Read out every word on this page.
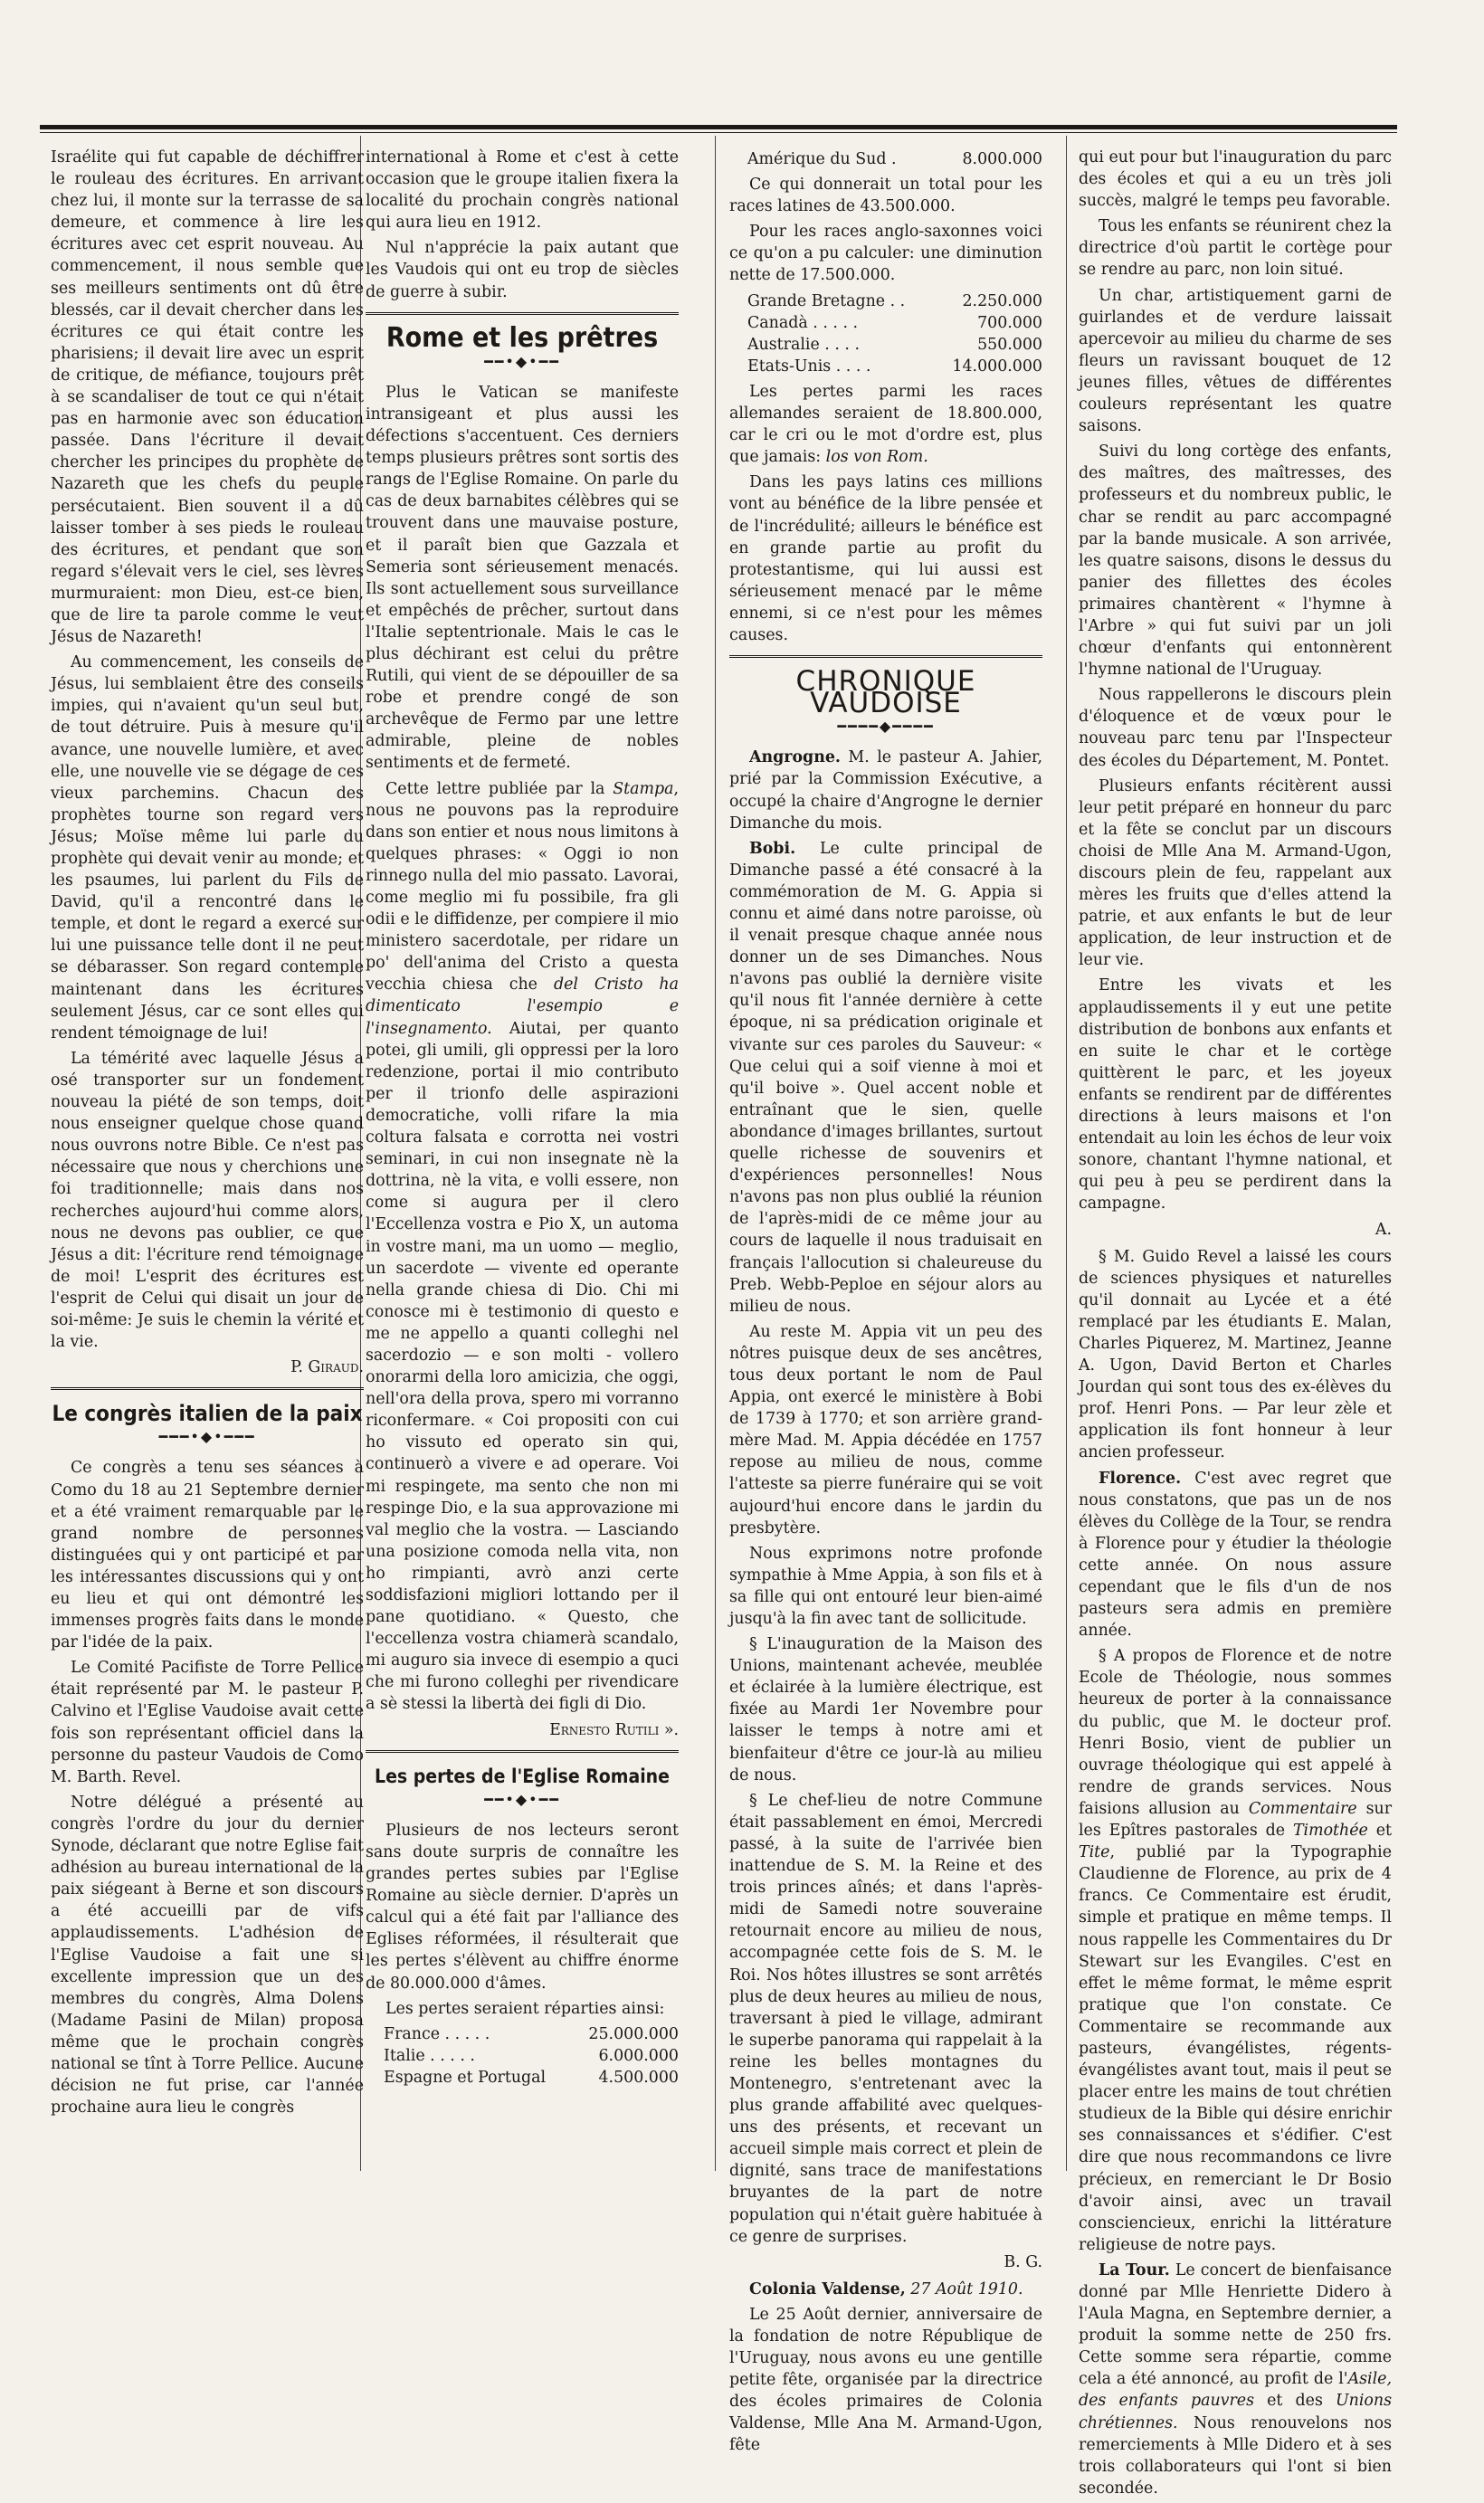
Israélite qui fut capable de déchiffrer le rouleau des écritures. En arrivant chez lui, il monte sur la terrasse de sa demeure, et commence à lire les écritures avec cet esprit nouveau. Au commencement, il nous semble que ses meilleurs sentiments ont dû être blessés, car il devait chercher dans les écritures ce qui était contre les pharisiens; il devait lire avec un esprit de critique, de méfiance, toujours prêt à se scandaliser de tout ce qui n'était pas en harmonie avec son éducation passée. Dans l'écriture il devait chercher les principes du prophète de Nazareth que les chefs du peuple persécutaient. Bien souvent il a dû laisser tomber à ses pieds le rouleau des écritures, et pendant que son regard s'élevait vers le ciel, ses lèvres murmuraient: mon Dieu, est-ce bien, que de lire ta parole comme le veut Jésus de Nazareth!

Au commencement, les conseils de Jésus, lui semblaient être des conseils impies, qui n'avaient qu'un seul but, de tout détruire. Puis à mesure qu'il avance, une nouvelle lumière, et avec elle, une nouvelle vie se dégage de ces vieux parchemins. Chacun des prophètes tourne son regard vers Jésus; Moïse même lui parle du prophète qui devait venir au monde; et les psaumes, lui parlent du Fils de David, qu'il a rencontré dans le temple, et dont le regard a exercé sur lui une puissance telle dont il ne peut se débarasser. Son regard contemple maintenant dans les écritures seulement Jésus, car ce sont elles qui rendent témoignage de lui!

La témérité avec laquelle Jésus a osé transporter sur un fondement nouveau la piété de son temps, doit nous enseigner quelque chose quand nous ouvrons notre Bible. Ce n'est pas nécessaire que nous y cherchions une foi traditionnelle; mais dans nos recherches aujourd'hui comme alors, nous ne devons pas oublier, ce que Jésus a dit: l'écriture rend témoignage de moi! L'esprit des écritures est l'esprit de Celui qui disait un jour de soi-même: Je suis le chemin la vérité et la vie.

P. Giraud.
Le congrès italien de la paix
━━━•◆•━━━

Ce congrès a tenu ses séances à Como du 18 au 21 Septembre dernier et a été vraiment remarquable par le grand nombre de personnes distinguées qui y ont participé et par les intéressantes discussions qui y ont eu lieu et qui ont démontré les immenses progrès faits dans le monde par l'idée de la paix.

Le Comité Pacifiste de Torre Pellice était représenté par M. le pasteur P. Calvino et l'Eglise Vaudoise avait cette fois son représentant officiel dans la personne du pasteur Vaudois de Como M. Barth. Revel.

Notre délégué a présenté au congrès l'ordre du jour du dernier Synode, déclarant que notre Eglise fait adhésion au bureau international de la paix siégeant à Berne et son discours a été accueilli par de vifs applaudissements. L'adhésion de l'Eglise Vaudoise a fait une si excellente impression que un des membres du congrès, Alma Dolens (Madame Pasini de Milan) proposa même que le prochain congrès national se tînt à Torre Pellice. Aucune décision ne fut prise, car l'année prochaine aura lieu le congrès

international à Rome et c'est à cette occasion que le groupe italien fixera la localité du prochain congrès national qui aura lieu en 1912.

Nul n'apprécie la paix autant que les Vaudois qui ont eu trop de siècles de guerre à subir.

Rome et les prêtres
━━•◆•━━

Plus le Vatican se manifeste intransigeant et plus aussi les défections s'accentuent. Ces derniers temps plusieurs prêtres sont sortis des rangs de l'Eglise Romaine. On parle du cas de deux barnabites célèbres qui se trouvent dans une mauvaise posture, et il paraît bien que Gazzala et Semeria sont sérieusement menacés. Ils sont actuellement sous surveillance et empêchés de prêcher, surtout dans l'Italie septentrionale. Mais le cas le plus déchirant est celui du prêtre Rutili, qui vient de se dépouiller de sa robe et prendre congé de son archevêque de Fermo par une lettre admirable, pleine de nobles sentiments et de fermeté.

Cette lettre publiée par la Stampa, nous ne pouvons pas la reproduire dans son entier et nous nous limitons à quelques phrases: « Oggi io non rinnego nulla del mio passato. Lavorai, come meglio mi fu possibile, fra gli odii e le diffidenze, per compiere il mio ministero sacerdotale, per ridare un po' dell'anima del Cristo a questa vecchia chiesa che del Cristo ha dimenticato l'esempio e l'insegnamento. Aiutai, per quanto potei, gli umili, gli oppressi per la loro redenzione, portai il mio contributo per il trionfo delle aspirazioni democratiche, volli rifare la mia coltura falsata e corrotta nei vostri seminari, in cui non insegnate nè la dottrina, nè la vita, e volli essere, non come si augura per il clero l'Eccellenza vostra e Pio X, un automa in vostre mani, ma un uomo — meglio, un sacerdote — vivente ed operante nella grande chiesa di Dio. Chi mi conosce mi è testimonio di questo e me ne appello a quanti colleghi nel sacerdozio — e son molti - vollero onorarmi della loro amicizia, che oggi, nell'ora della prova, spero mi vorranno riconfermare. « Coi propositi con cui ho vissuto ed operato sin qui, continuerò a vivere e ad operare. Voi mi respingete, ma sento che non mi respinge Dio, e la sua approvazione mi val meglio che la vostra. — Lasciando una posizione comoda nella vita, non ho rimpianti, avrò anzi certe soddisfazioni migliori lottando per il pane quotidiano. « Questo, che l'eccellenza vostra chiamerà scandalo, mi auguro sia invece di esempio a quci che mi furono colleghi per rivendicare a sè stessi la libertà dei figli di Dio.

Ernesto Rutili ».
Les pertes de l'Eglise Romaine
━━•◆•━━

Plusieurs de nos lecteurs seront sans doute surpris de connaître les grandes pertes subies par l'Eglise Romaine au siècle dernier. D'après un calcul qui a été fait par l'alliance des Eglises réformées, il résulterait que les pertes s'élèvent au chiffre énorme de 80.000.000 d'âmes.

Les pertes seraient réparties ainsi:

France . . . . .	25.000.000
Italie . . . . .	6.000.000
Espagne et Portugal	4.500.000
Amérique du Sud .	8.000.000

Ce qui donnerait un total pour les races latines de 43.500.000.

Pour les races anglo-saxonnes voici ce qu'on a pu calculer: une diminution nette de 17.500.000.

Grande Bretagne . .	2.250.000
Canadà . . . . .	700.000
Australie . . . .	550.000
Etats-Unis . . . .	14.000.000

Les pertes parmi les races allemandes seraient de 18.800.000, car le cri ou le mot d'ordre est, plus que jamais: los von Rom.

Dans les pays latins ces millions vont au bénéfice de la libre pensée et de l'incrédulité; ailleurs le bénéfice est en grande partie au profit du protestantisme, qui lui aussi est sérieusement menacé par le même ennemi, si ce n'est pour les mêmes causes.

CHRONIQUE VAUDOISE
━━━━◆━━━━

Angrogne. M. le pasteur A. Jahier, prié par la Commission Exécutive, a occupé la chaire d'Angrogne le dernier Dimanche du mois.

Bobi. Le culte principal de Dimanche passé a été consacré à la commémoration de M. G. Appia si connu et aimé dans notre paroisse, où il venait presque chaque année nous donner un de ses Dimanches. Nous n'avons pas oublié la dernière visite qu'il nous fit l'année dernière à cette époque, ni sa prédication originale et vivante sur ces paroles du Sauveur: « Que celui qui a soif vienne à moi et qu'il boive ». Quel accent noble et entraînant que le sien, quelle abondance d'images brillantes, surtout quelle richesse de souvenirs et d'expériences personnelles! Nous n'avons pas non plus oublié la réunion de l'après-midi de ce même jour au cours de laquelle il nous traduisait en français l'allocution si chaleureuse du Preb. Webb-Peploe en séjour alors au milieu de nous.

Au reste M. Appia vit un peu des nôtres puisque deux de ses ancêtres, tous deux portant le nom de Paul Appia, ont exercé le ministère à Bobi de 1739 à 1770; et son arrière grand-mère Mad. M. Appia décédée en 1757 repose au milieu de nous, comme l'atteste sa pierre funéraire qui se voit aujourd'hui encore dans le jardin du presbytère.

Nous exprimons notre profonde sympathie à Mme Appia, à son fils et à sa fille qui ont entouré leur bien-aimé jusqu'à la fin avec tant de sollicitude.

§ L'inauguration de la Maison des Unions, maintenant achevée, meublée et éclairée à la lumière électrique, est fixée au Mardi 1er Novembre pour laisser le temps à notre ami et bienfaiteur d'être ce jour-là au milieu de nous.

§ Le chef-lieu de notre Commune était passablement en émoi, Mercredi passé, à la suite de l'arrivée bien inattendue de S. M. la Reine et des trois princes aînés; et dans l'après-midi de Samedi notre souveraine retournait encore au milieu de nous, accompagnée cette fois de S. M. le Roi. Nos hôtes illustres se sont arrêtés plus de deux heures au milieu de nous, traversant à pied le village, admirant le superbe panorama qui rappelait à la reine les belles montagnes du Montenegro, s'entretenant avec la plus grande affabilité avec quelques-uns des présents, et recevant un accueil simple mais correct et plein de dignité, sans trace de manifestations bruyantes de la part de notre population qui n'était guère habituée à ce genre de surprises.

B. G.

Colonia Valdense, 27 Août 1910.

Le 25 Août dernier, anniversaire de la fondation de notre République de l'Uruguay, nous avons eu une gentille petite fête, organisée par la directrice des écoles primaires de Colonia Valdense, Mlle Ana M. Armand-Ugon, fête

qui eut pour but l'inauguration du parc des écoles et qui a eu un très joli succès, malgré le temps peu favorable.

Tous les enfants se réunirent chez la directrice d'où partit le cortège pour se rendre au parc, non loin situé.

Un char, artistiquement garni de guirlandes et de verdure laissait apercevoir au milieu du charme de ses fleurs un ravissant bouquet de 12 jeunes filles, vêtues de différentes couleurs représentant les quatre saisons.

Suivi du long cortège des enfants, des maîtres, des maîtresses, des professeurs et du nombreux public, le char se rendit au parc accompagné par la bande musicale. A son arrivée, les quatre saisons, disons le dessus du panier des fillettes des écoles primaires chantèrent « l'hymne à l'Arbre » qui fut suivi par un joli chœur d'enfants qui entonnèrent l'hymne national de l'Uruguay.

Nous rappellerons le discours plein d'éloquence et de vœux pour le nouveau parc tenu par l'Inspecteur des écoles du Département, M. Pontet.

Plusieurs enfants récitèrent aussi leur petit préparé en honneur du parc et la fête se conclut par un discours choisi de Mlle Ana M. Armand-Ugon, discours plein de feu, rappelant aux mères les fruits que d'elles attend la patrie, et aux enfants le but de leur application, de leur instruction et de leur vie.

Entre les vivats et les applaudissements il y eut une petite distribution de bonbons aux enfants et en suite le char et le cortège quittèrent le parc, et les joyeux enfants se rendirent par de différentes directions à leurs maisons et l'on entendait au loin les échos de leur voix sonore, chantant l'hymne national, et qui peu à peu se perdirent dans la campagne.

A.

§ M. Guido Revel a laissé les cours de sciences physiques et naturelles qu'il donnait au Lycée et a été remplacé par les étudiants E. Malan, Charles Piquerez, M. Martinez, Jeanne A. Ugon, David Berton et Charles Jourdan qui sont tous des ex-élèves du prof. Henri Pons. — Par leur zèle et application ils font honneur à leur ancien professeur.

Florence. C'est avec regret que nous constatons, que pas un de nos élèves du Collège de la Tour, se rendra à Florence pour y étudier la théologie cette année. On nous assure cependant que le fils d'un de nos pasteurs sera admis en première année.

§ A propos de Florence et de notre Ecole de Théologie, nous sommes heureux de porter à la connaissance du public, que M. le docteur prof. Henri Bosio, vient de publier un ouvrage théologique qui est appelé à rendre de grands services. Nous faisions allusion au Commentaire sur les Epîtres pastorales de Timothée et Tite, publié par la Typographie Claudienne de Florence, au prix de 4 francs. Ce Commentaire est érudit, simple et pratique en même temps. Il nous rappelle les Commentaires du Dr Stewart sur les Evangiles. C'est en effet le même format, le même esprit pratique que l'on constate. Ce Commentaire se recommande aux pasteurs, évangélistes, régents-évangélistes avant tout, mais il peut se placer entre les mains de tout chrétien studieux de la Bible qui désire enrichir ses connaissances et s'édifier. C'est dire que nous recommandons ce livre précieux, en remerciant le Dr Bosio d'avoir ainsi, avec un travail consciencieux, enrichi la littérature religieuse de notre pays.

La Tour. Le concert de bienfaisance donné par Mlle Henriette Didero à l'Aula Magna, en Septembre dernier, a produit la somme nette de 250 frs. Cette somme sera répartie, comme cela a été annoncé, au profit de l'Asile, des enfants pauvres et des Unions chrétiennes. Nous renouvelons nos remerciements à Mlle Didero et à ses trois collaborateurs qui l'ont si bien secondée.
